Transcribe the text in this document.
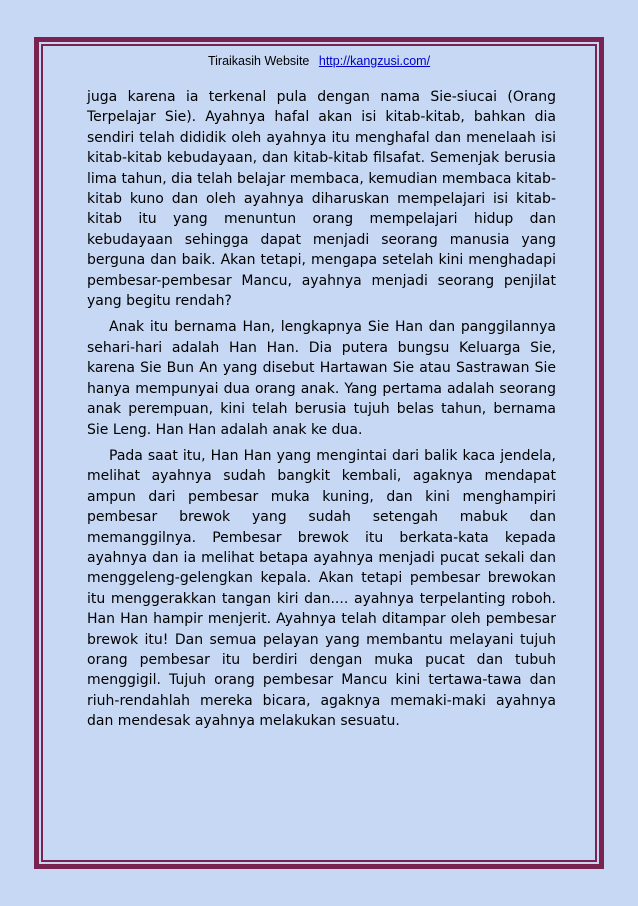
Tiraikasih Website http://kangzusi.com/

juga karena ia terkenal pula dengan nama Sie-siucai (Orang Terpelajar Sie). Ayahnya hafal akan isi kitab-kitab, bahkan dia sendiri telah dididik oleh ayahnya itu menghafal dan menelaah isi kitab-kitab kebudayaan, dan kitab-kitab filsafat. Semenjak berusia lima tahun, dia telah belajar membaca, kemudian membaca kitab-kitab kuno dan oleh ayahnya diharuskan mempelajari isi kitab-kitab itu yang menuntun orang mempelajari hidup dan kebudayaan sehingga dapat menjadi seorang manusia yang berguna dan baik. Akan tetapi, mengapa setelah kini menghadapi pembesar-pembesar Mancu, ayahnya menjadi seorang penjilat yang begitu rendah?

Anak itu bernama Han, lengkapnya Sie Han dan panggilannya sehari-hari adalah Han Han. Dia putera bungsu Keluarga Sie, karena Sie Bun An yang disebut Hartawan Sie atau Sastrawan Sie hanya mempunyai dua orang anak. Yang pertama adalah seorang anak perempuan, kini telah berusia tujuh belas tahun, bernama Sie Leng. Han Han adalah anak ke dua.

Pada saat itu, Han Han yang mengintai dari balik kaca jendela, melihat ayahnya sudah bangkit kembali, agaknya mendapat ampun dari pembesar muka kuning, dan kini menghampiri pembesar brewok yang sudah setengah mabuk dan memanggilnya. Pembesar brewok itu berkata-kata kepada ayahnya dan ia melihat betapa ayahnya menjadi pucat sekali dan menggeleng-gelengkan kepala. Akan tetapi pembesar brewokan itu menggerakkan tangan kiri dan.... ayahnya terpelanting roboh. Han Han hampir menjerit. Ayahnya telah ditampar oleh pembesar brewok itu! Dan semua pelayan yang membantu melayani tujuh orang pembesar itu berdiri dengan muka pucat dan tubuh menggigil. Tujuh orang pembesar Mancu kini tertawa-tawa dan riuh-rendahlah mereka bicara, agaknya memaki-maki ayahnya dan mendesak ayahnya melakukan sesuatu.
